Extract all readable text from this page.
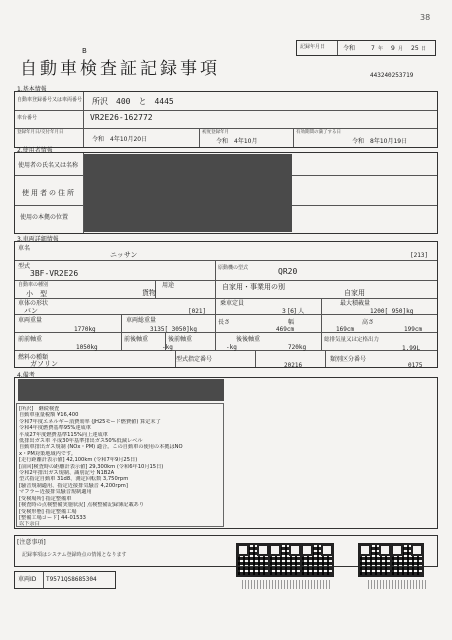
38
記録年月日	令和	7 年 9 月 25 日
B
自動車検査証記録事項	443240253719
1.基本情報
自動車登録番号又は車両番号 所沢　400　と　4445
車台番号	VR2E26-162772
登録年月日/交付年月日
令和　4年10月20日
初度登録年月
令和　4年10月
有効期間の満了する日
令和　8年10月19日
2.使用者情報
使用者の氏名又は名称
使用者の住所
使用の本拠の位置
3.車両詳細情報
車名
ニッサン	[213]
型式
3BF-VR2E26
原動機の型式	QR20
自動車の種別
小　型
用途
貨物
自家用・事業用の別
自家用
車体の形状
バン	[021]
乗車定員
3 [6] 人
最大積載量
1200[ 950]kg
車両重量
1770kg
車両総重量
3135[ 3050]kg
長さ
469cm
幅
169cm
高さ
199cm
前前軸重
1050kg
前後軸重
-kg
後前軸重
-kg
後後軸重
720kg
総排気量又は定格出力
1.99L
燃料の種類
ガソリン
型式指定番号
20216
類別区分番号
0175
4.備考
[所沢]　継続検査
自動車重量税額 ¥16,400
令和7年度エネルギー消費効率 (JH25モード燃費値) 算定末了
令和4年度燃費基準95%達成車
平成27年度燃費基準115%向上達成車
低排出ガス車 平成30年基準排出ガス50%低減レベル
自動車排出ガス規制 (NOx・PM) 適合。この自動車の使用の本拠はNO
x・PM対策地域内です。
[走行距離計表示値] 42,100km (令和7年9月25日)
[前回]検査時の距離計表示値] 29,300km (令和6年10月15日)
令和2年排出ガス規制、識別記号 N1B2A
型式指定自動車 31d8、測定回転数 3,750rpm
[騒音規制適用、指定近接排気騒音 4,200rpm]
マフラー近接排気騒音規制適用
[受検場所] 指定整備車
[検査時の点検整備実施状況] 点検整備記録簿記載あり
[受検形態] 指定整備工場
[整備工場コード] 44-01533
以下余白
[注意事項]
記録事項はシステム登録時点の情報となります
車両ID T9571QS8685304
